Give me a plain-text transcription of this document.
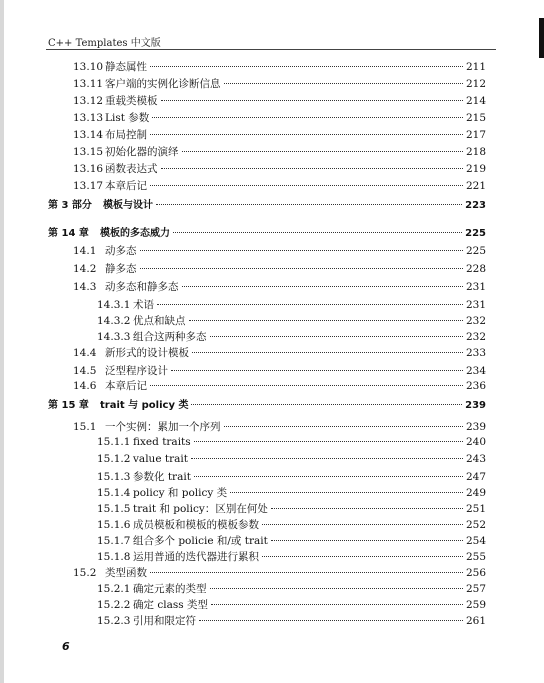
C++ Templates 中文版
13.10 静态属性	211
13.11 客户端的实例化诊断信息	212
13.12 重载类模板	214
13.13 List 参数	215
13.14 布局控制	217
13.15 初始化器的演绎	218
13.16 函数表达式	219
13.17 本章后记	221
第 3 部分	模板与设计	223
第 14 章	模板的多态威力	225
14.1 动多态	225
14.2 静多态	228
14.3 动多态和静多态	231
14.3.1 术语	231
14.3.2 优点和缺点	232
14.3.3 组合这两种多态	232
14.4 新形式的设计模板	233
14.5 泛型程序设计	234
14.6 本章后记	236
第 15 章	trait 与 policy 类	239
15.1 一个实例：累加一个序列	239
15.1.1 fixed traits	240
15.1.2 value trait	243
15.1.3 参数化 trait	247
15.1.4 policy 和 policy 类	249
15.1.5 trait 和 policy：区别在何处	251
15.1.6 成员模板和模板的模板参数	252
15.1.7 组合多个 policie 和/或 trait	254
15.1.8 运用普通的迭代器进行累积	255
15.2 类型函数	256
15.2.1 确定元素的类型	257
15.2.2 确定 class 类型	259
15.2.3 引用和限定符	261
6
